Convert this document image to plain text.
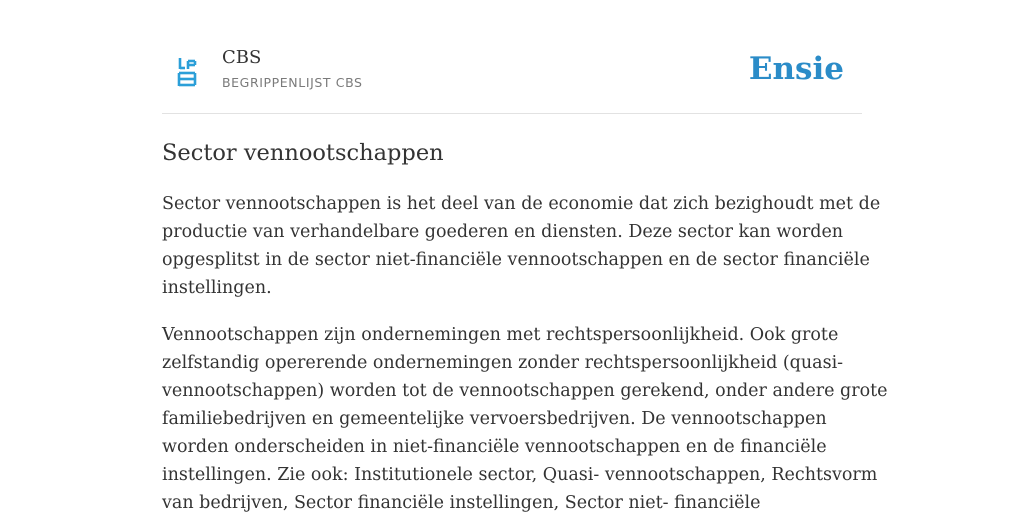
CBS
BEGRIPPENLIJST CBS	Ensie
Sector vennootschappen

Sector vennootschappen is het deel van de economie dat zich bezighoudt met de
productie van verhandelbare goederen en diensten. Deze sector kan worden
opgesplitst in de sector niet-financiële vennootschappen en de sector financiële
instellingen.

Vennootschappen zijn ondernemingen met rechtspersoonlijkheid. Ook grote
zelfstandig opererende ondernemingen zonder rechtspersoonlijkheid (quasi-
vennootschappen) worden tot de vennootschappen gerekend, onder andere grote
familiebedrijven en gemeentelijke vervoersbedrijven. De vennootschappen
worden onderscheiden in niet-financiële vennootschappen en de financiële
instellingen. Zie ook: Institutionele sector, Quasi- vennootschappen, Rechtsvorm
van bedrijven, Sector financiële instellingen, Sector niet- financiële
